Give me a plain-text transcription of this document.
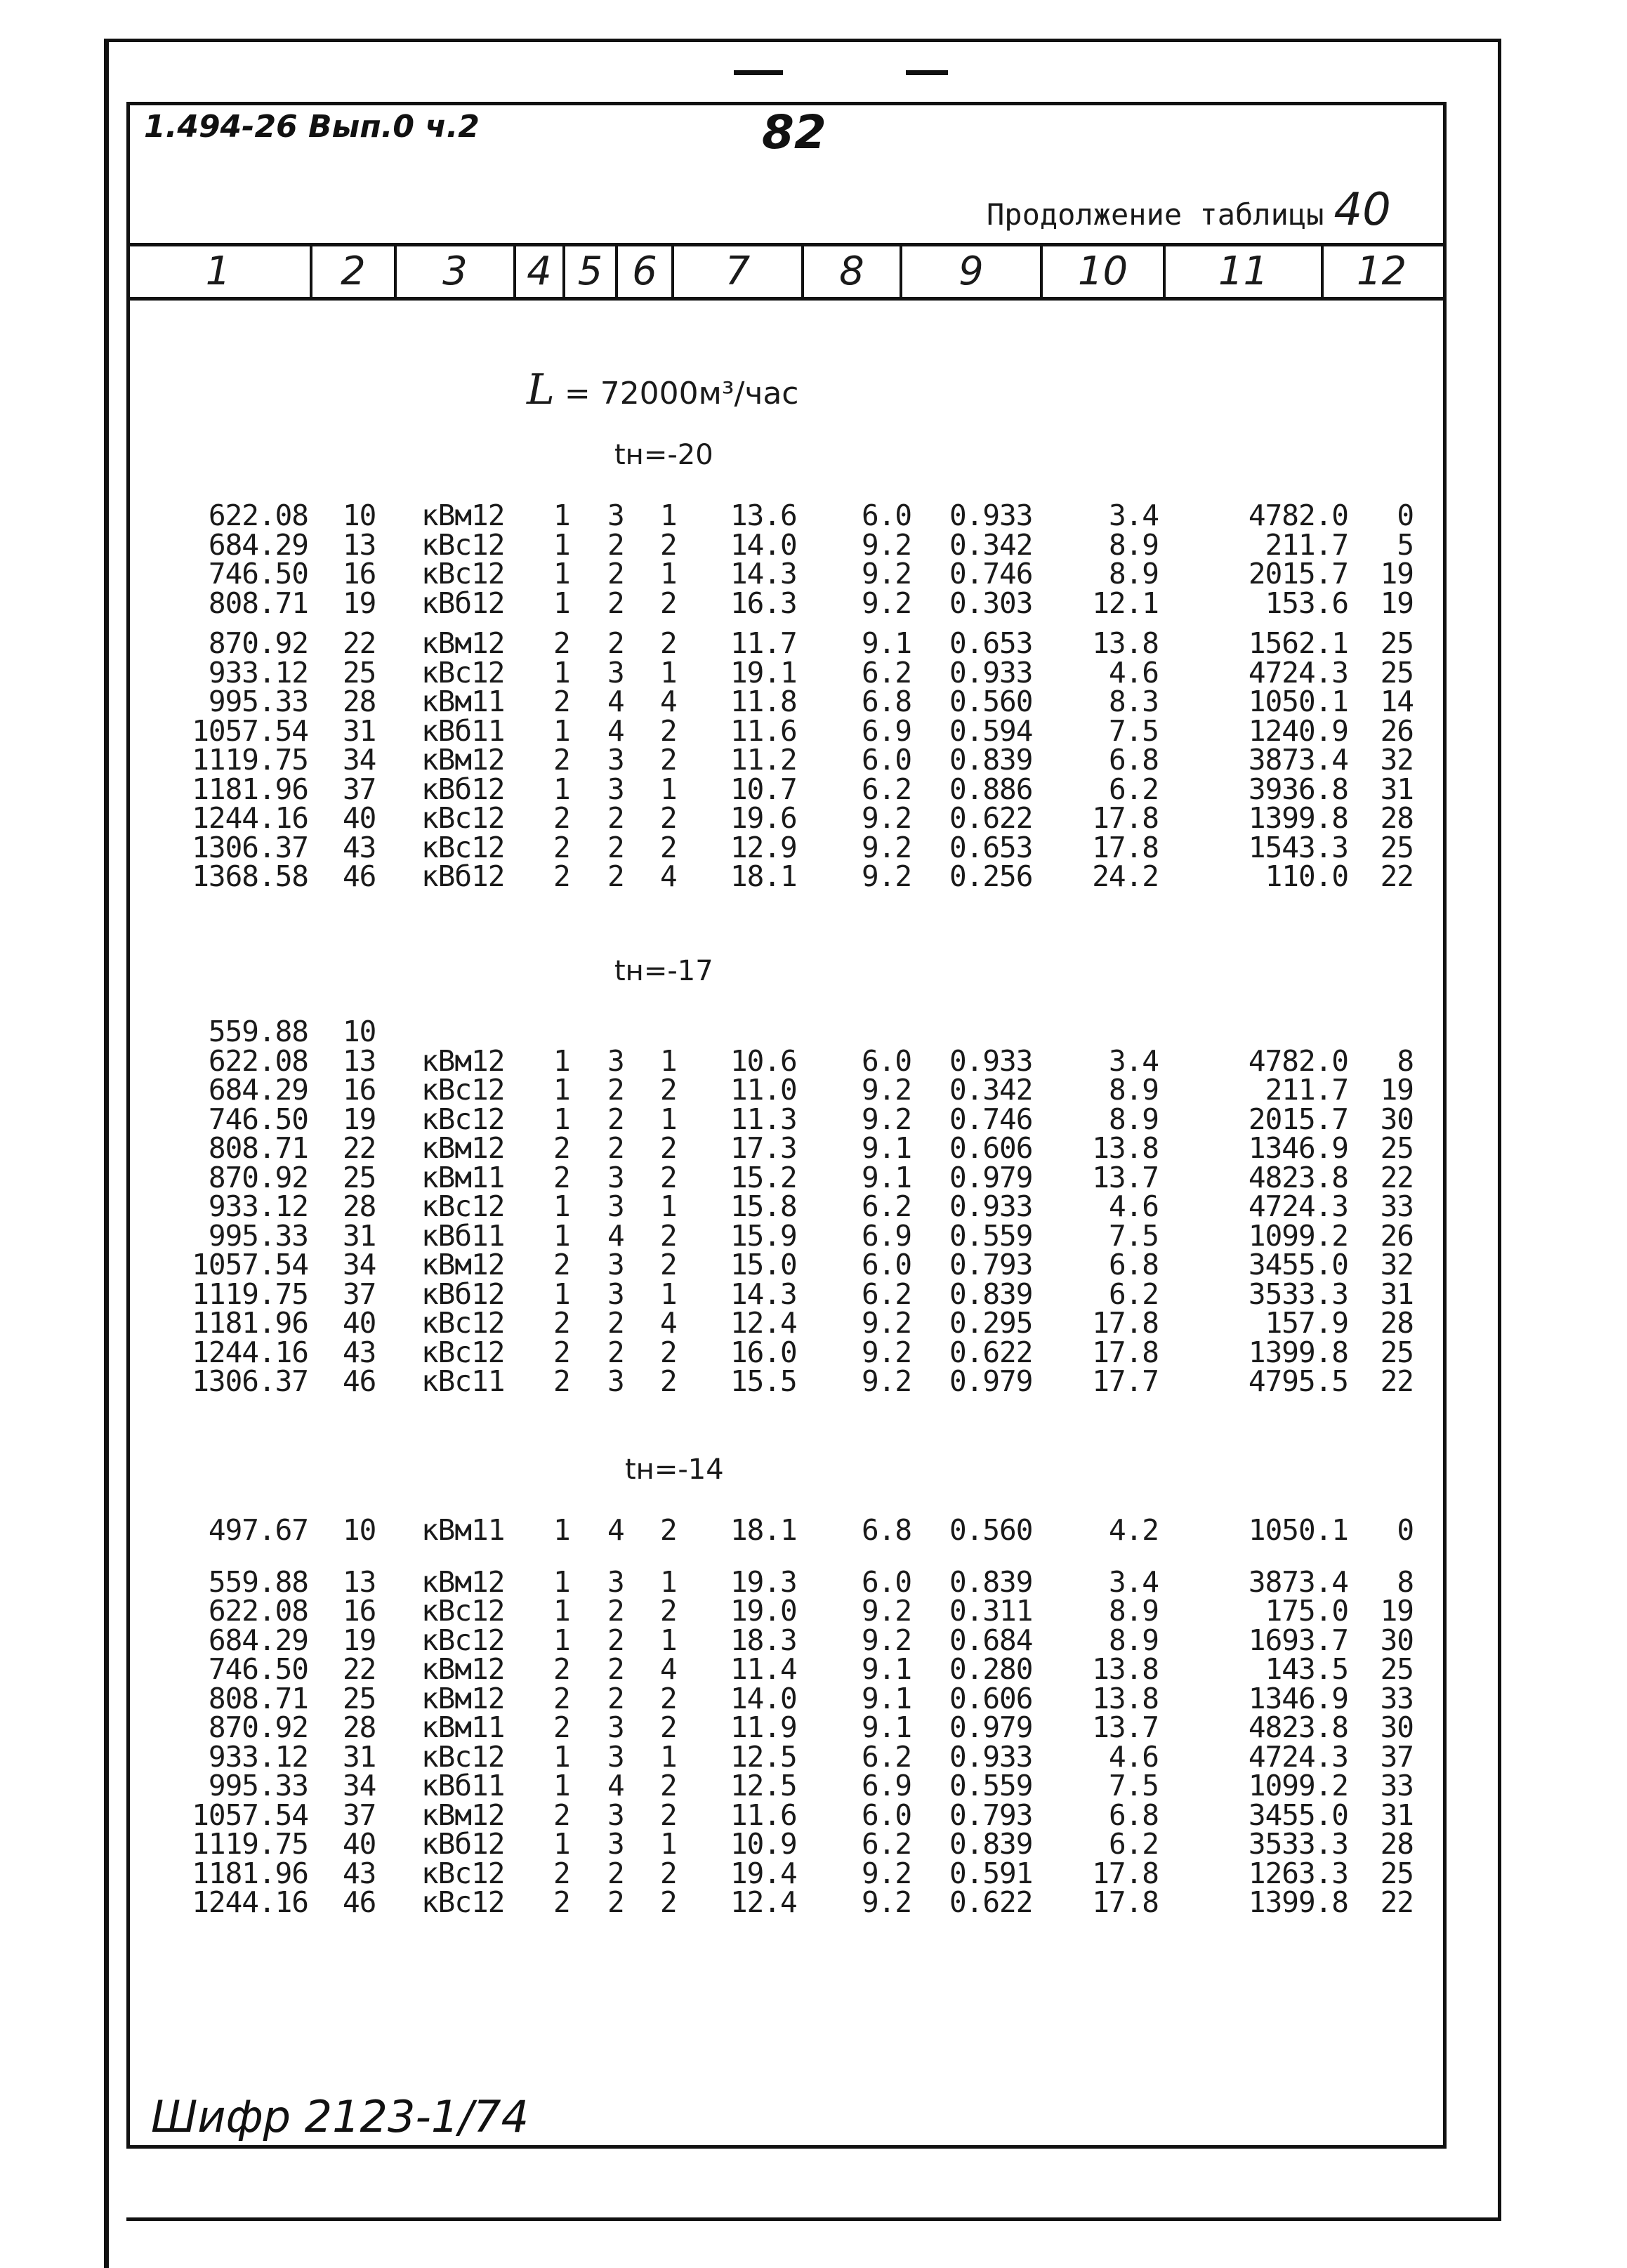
1.494-26 Вып.0 ч.2	82
Продолжение таблицы 40
1	2	3	4 5 6	7	8	9	10	11	12
L = 72000м³/час
tн=-20
622.08 10 кВм12 1 3 1 13.6 6.0 0.933	3.4	4782.0 0
684.29 13 кВс12 1 2 2 14.0 9.2 0.342	8.9	211.7 5
746.50 16 кВс12 1 2 1 14.3 9.2 0.746	8.9	2015.7 19
808.71 19 кВб12 1 2 2 16.3 9.2 0.303 12.1	153.6 19
870.92 22 кВм12 2 2 2 11.7 9.1 0.653 13.8	1562.1 25
933.12 25 кВс12 1 3 1 19.1 6.2 0.933	4.6	4724.3 25
995.33 28 кВм11 2 4 4 11.8 6.8 0.560	8.3	1050.1 14
1057.54 31 кВб11 1 4 2 11.6 6.9 0.594	7.5	1240.9 26
1119.75 34 кВм12 2 3 2 11.2 6.0 0.839	6.8	3873.4 32
1181.96 37 кВб12 1 3 1 10.7 6.2 0.886	6.2	3936.8 31
1244.16 40 кВс12 2 2 2 19.6 9.2 0.622 17.8	1399.8 28
1306.37 43 кВс12 2 2 2 12.9 9.2 0.653 17.8	1543.3 25
1368.58 46 кВб12 2 2 4 18.1 9.2 0.256 24.2	110.0 22
tн=-17
559.88 10
622.08 13 кВм12 1 3 1 10.6 6.0 0.933	3.4	4782.0 8
684.29 16 кВс12 1 2 2 11.0 9.2 0.342	8.9	211.7 19
746.50 19 кВс12 1 2 1 11.3 9.2 0.746	8.9	2015.7 30
808.71 22 кВм12 2 2 2 17.3 9.1 0.606 13.8	1346.9 25
870.92 25 кВм11 2 3 2 15.2 9.1 0.979 13.7	4823.8 22
933.12 28 кВс12 1 3 1 15.8 6.2 0.933	4.6	4724.3 33
995.33 31 кВб11 1 4 2 15.9 6.9 0.559	7.5	1099.2 26
1057.54 34 кВм12 2 3 2 15.0 6.0 0.793	6.8	3455.0 32
1119.75 37 кВб12 1 3 1 14.3 6.2 0.839	6.2	3533.3 31
1181.96 40 кВс12 2 2 4 12.4 9.2 0.295 17.8	157.9 28
1244.16 43 кВс12 2 2 2 16.0 9.2 0.622 17.8	1399.8 25
1306.37 46 кВс11 2 3 2 15.5 9.2 0.979 17.7	4795.5 22
tн=-14
497.67 10 кВм11 1 4 2 18.1 6.8 0.560	4.2	1050.1 0
559.88 13 кВм12 1 3 1 19.3 6.0 0.839	3.4	3873.4 8
622.08 16 кВс12 1 2 2 19.0 9.2 0.311	8.9	175.0 19
684.29 19 кВс12 1 2 1 18.3 9.2 0.684	8.9	1693.7 30
746.50 22 кВм12 2 2 4 11.4 9.1 0.280 13.8	143.5 25
808.71 25 кВм12 2 2 2 14.0 9.1 0.606 13.8	1346.9 33
870.92 28 кВм11 2 3 2 11.9 9.1 0.979 13.7	4823.8 30
933.12 31 кВс12 1 3 1 12.5 6.2 0.933	4.6	4724.3 37
995.33 34 кВб11 1 4 2 12.5 6.9 0.559	7.5	1099.2 33
1057.54 37 кВм12 2 3 2 11.6 6.0 0.793	6.8	3455.0 31
1119.75 40 кВб12 1 3 1 10.9 6.2 0.839	6.2	3533.3 28
1181.96 43 кВс12 2 2 2 19.4 9.2 0.591 17.8	1263.3 25
1244.16 46 кВс12 2 2 2 12.4 9.2 0.622 17.8	1399.8 22
Шифр 2123-1/74
